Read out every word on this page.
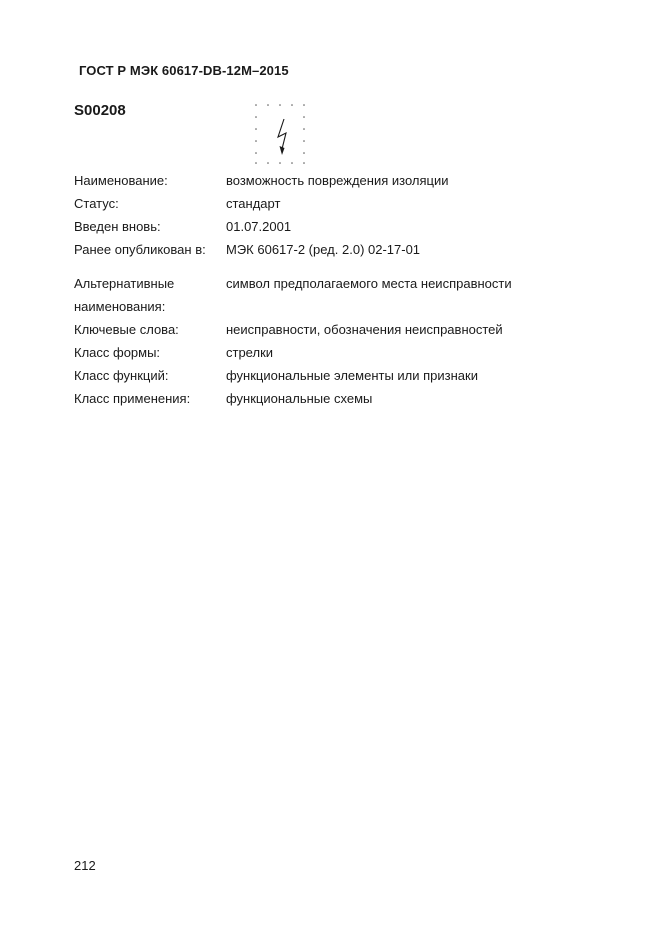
ГОСТ Р МЭК 60617-DB-12М–2015
S00208
Наименование:	возможность повреждения изоляции
Статус:	стандарт
Введен вновь:	01.07.2001
Ранее опубликован в: МЭК 60617-2 (ред. 2.0) 02-17-01
Альтернативные	символ предполагаемого места неисправности
наименования:
Ключевые слова:	неисправности, обозначения неисправностей
Класс формы:	стрелки
Класс функций:	функциональные элементы или признаки
Класс применения:	функциональные схемы
212
